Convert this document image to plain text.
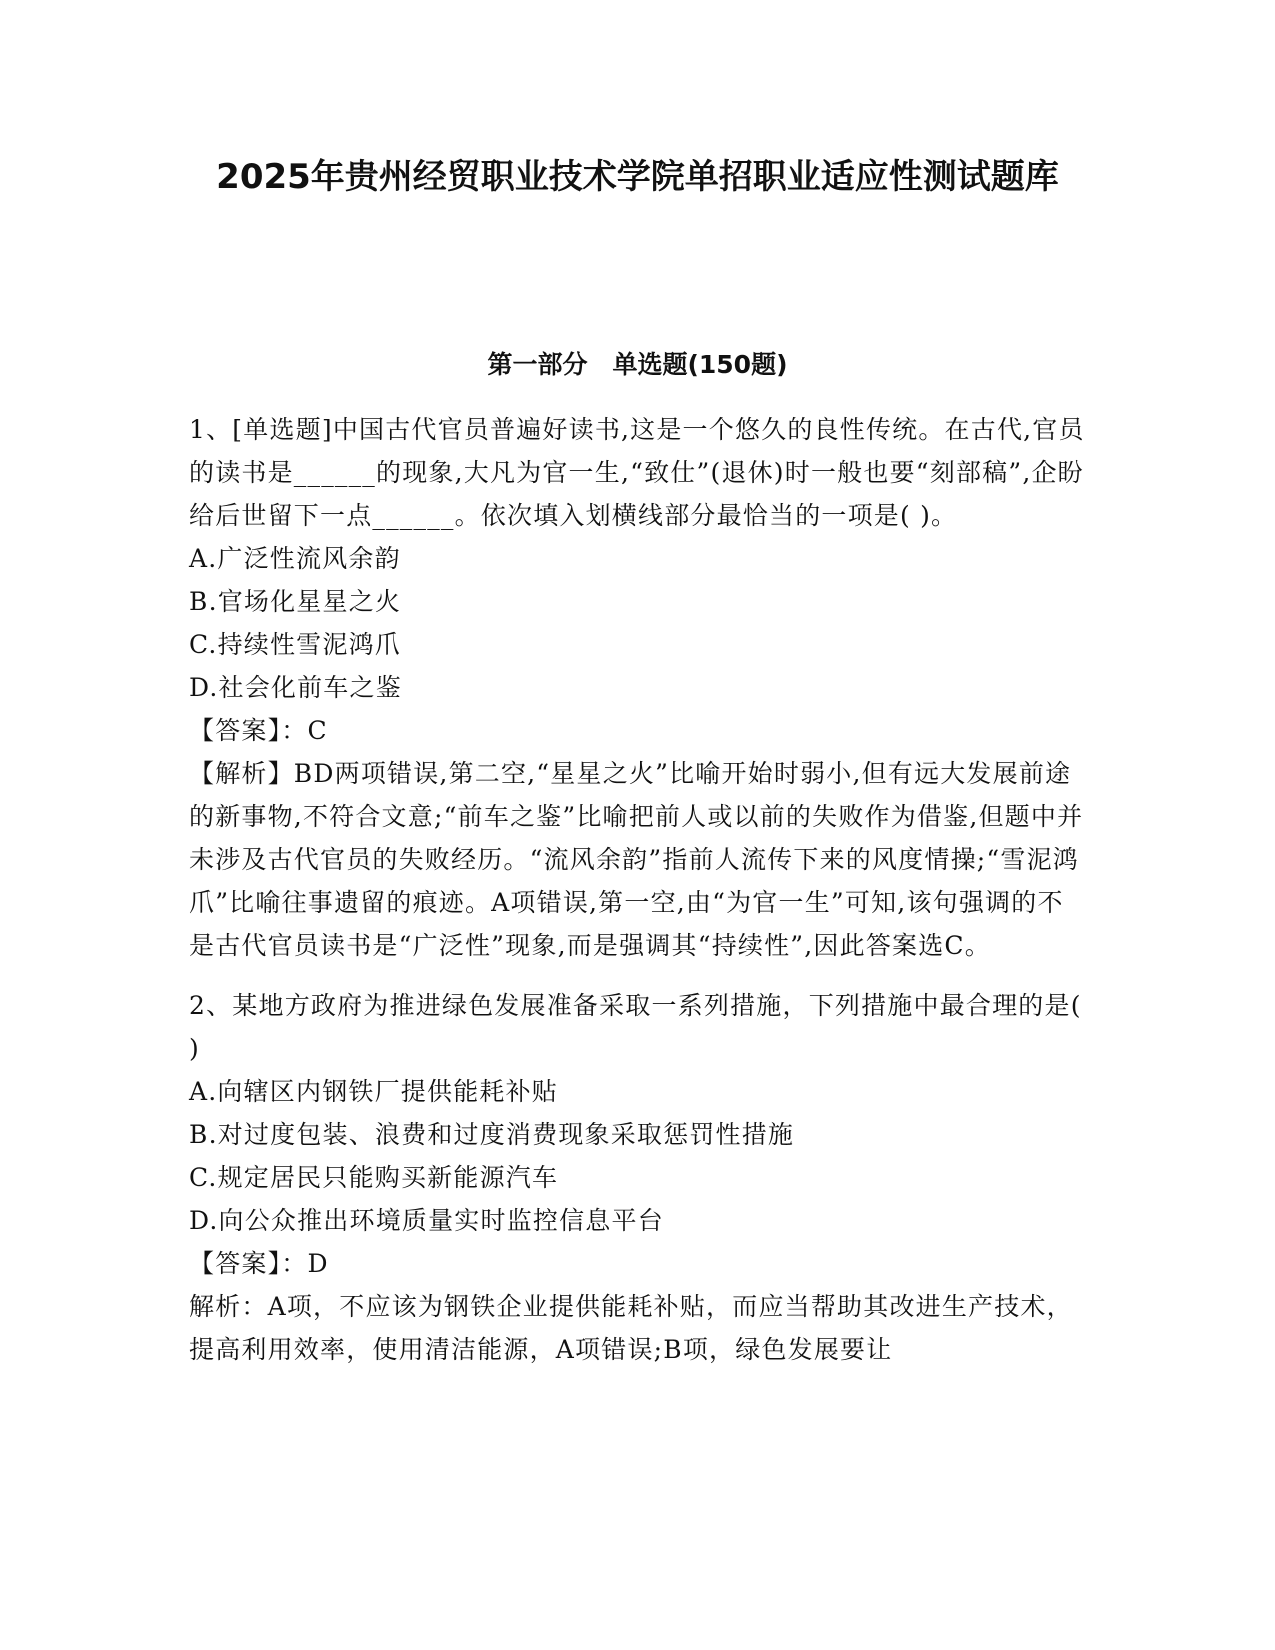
2025年贵州经贸职业技术学院单招职业适应性测试题库
第一部分　单选题(150题)

1、[单选题]中国古代官员普遍好读书,这是一个悠久的良性传统。在古代,官员的读书是______的现象,大凡为官一生,“致仕”(退休)时一般也要“刻部稿”,企盼给后世留下一点______。依次填入划横线部分最恰当的一项是( )。

A.广泛性流风余韵

B.官场化星星之火

C.持续性雪泥鸿爪

D.社会化前车之鉴

【答案】：C

【解析】BD两项错误,第二空,“星星之火”比喻开始时弱小,但有远大发展前途的新事物,不符合文意;“前车之鉴”比喻把前人或以前的失败作为借鉴,但题中并未涉及古代官员的失败经历。“流风余韵”指前人流传下来的风度情操;“雪泥鸿爪”比喻往事遗留的痕迹。A项错误,第一空,由“为官一生”可知,该句强调的不是古代官员读书是“广泛性”现象,而是强调其“持续性”,因此答案选C。

2、某地方政府为推进绿色发展准备采取一系列措施，下列措施中最合理的是( )

A.向辖区内钢铁厂提供能耗补贴

B.对过度包装、浪费和过度消费现象采取惩罚性措施

C.规定居民只能购买新能源汽车

D.向公众推出环境质量实时监控信息平台

【答案】：D

解析：A项，不应该为钢铁企业提供能耗补贴，而应当帮助其改进生产技术，提高利用效率，使用清洁能源，A项错误;B项，绿色发展要让
